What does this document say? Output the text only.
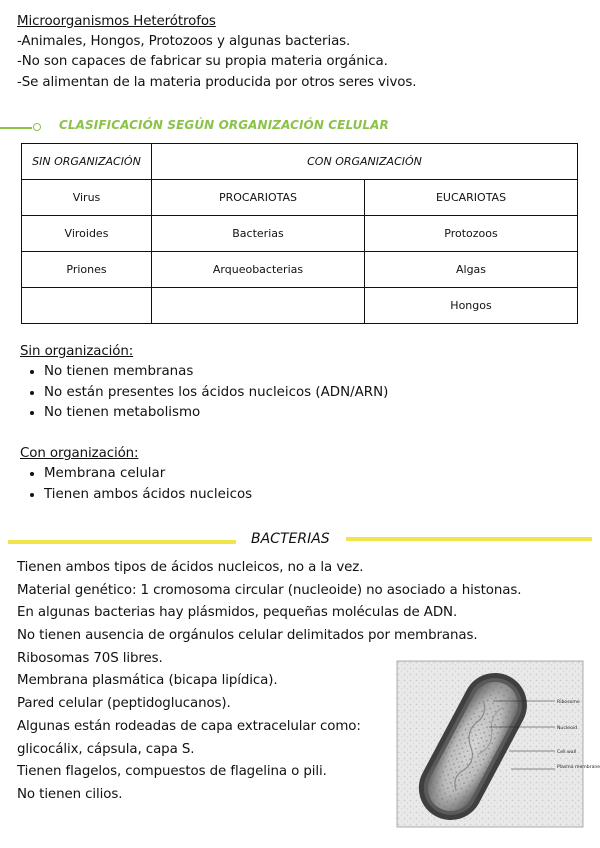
Microorganismos Heterótrofos
-Animales, Hongos, Protozoos y algunas bacterias.
-No son capaces de fabricar su propia materia orgánica.
-Se alimentan de la materia producida por otros seres vivos.
CLASIFICACIÓN SEGÚN ORGANIZACIÓN CELULAR
SIN ORGANIZACIÓN	CON ORGANIZACIÓN	
Virus	PROCARIOTAS	EUCARIOTAS
Viroides	Bacterias	Protozoos
Priones	Arqueobacterias	Algas
		Hongos
Sin organización:
• No tienen membranas
• No están presentes los ácidos nucleicos (ADN/ARN)
• No tienen metabolismo
Con organización:
• Membrana celular
• Tienen ambos ácidos nucleicos
BACTERIAS
Tienen ambos tipos de ácidos nucleicos, no a la vez.
Material genético: 1 cromosoma circular (nucleoide) no asociado a histonas.
En algunas bacterias hay plásmidos, pequeñas moléculas de ADN.
No tienen ausencia de orgánulos celular delimitados por membranas.
Ribosomas 70S libres.
Membrana plasmática (bicapa lipídica).
Pared celular (peptidoglucanos).
Algunas están rodeadas de capa extracelular como:
glicocálix, cápsula, capa S.
Tienen flagelos, compuestos de flagelina o pili.
No tienen cilios.
Ribosome
Nucleoid
Cell wall
Plasma membrane
